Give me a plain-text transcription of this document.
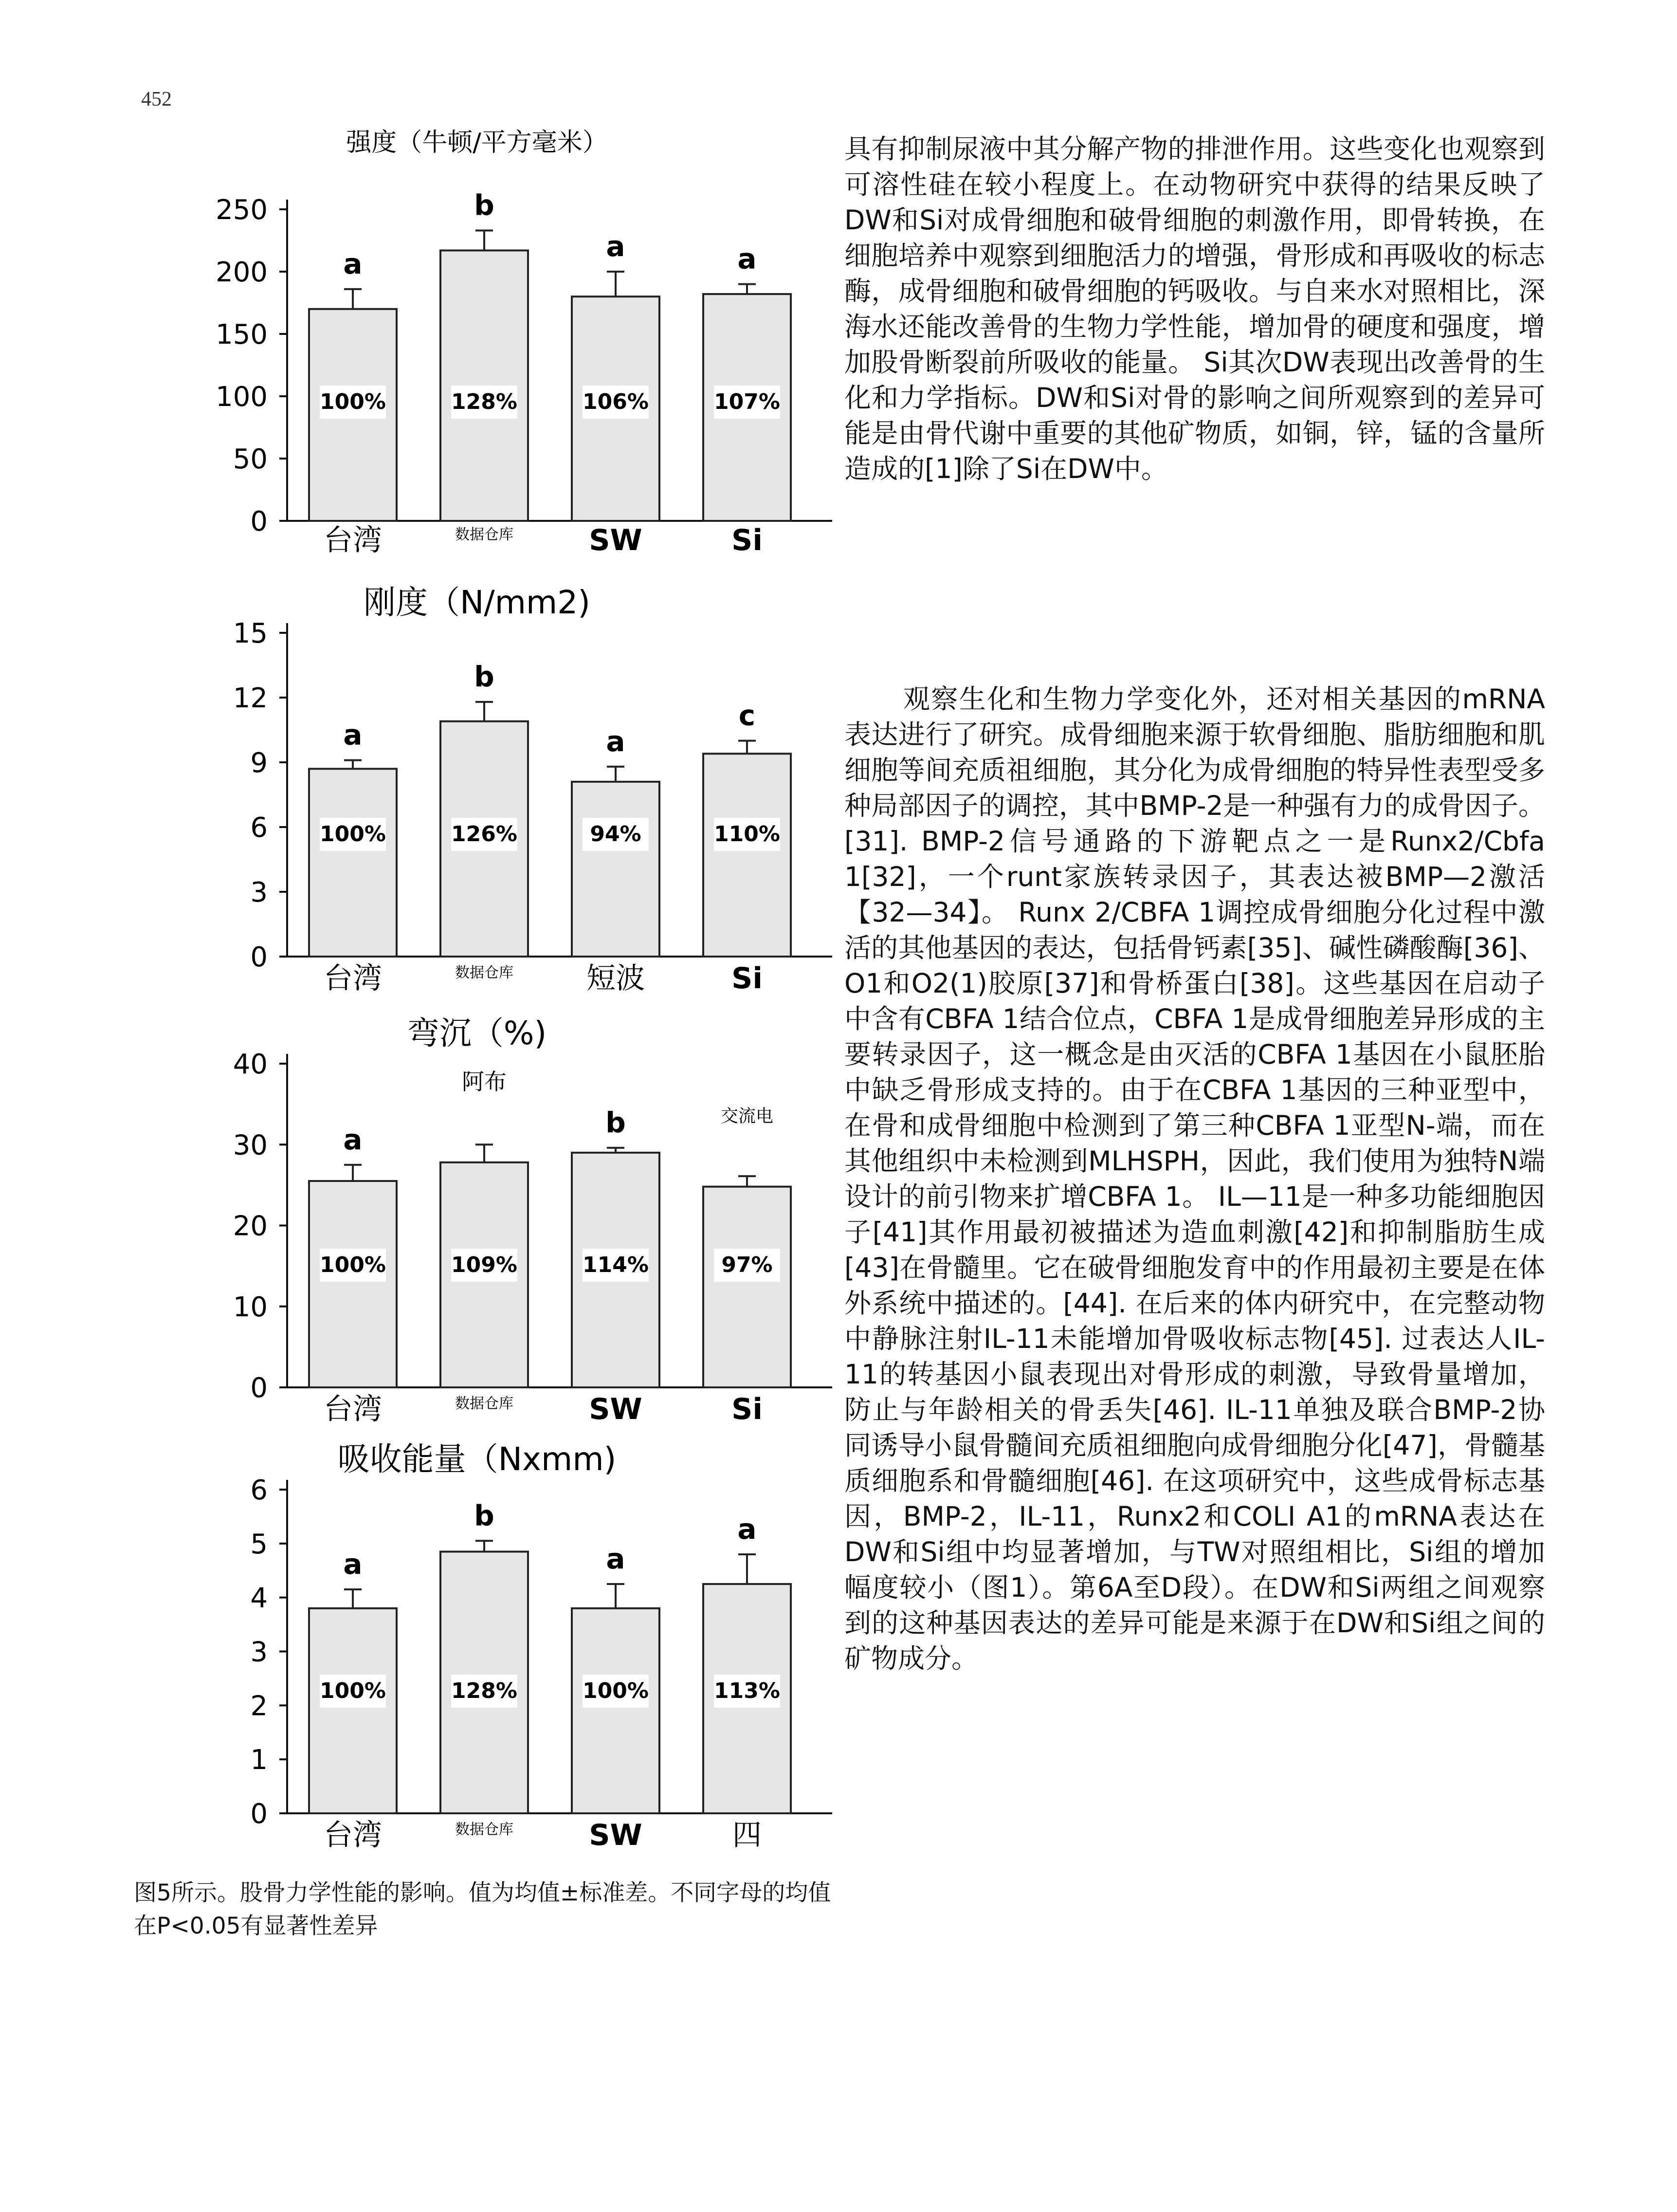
452
强度（牛顿/平方毫米）
0
50
100
150
200
250
a
100%
台湾
b
128%
数据仓库
a
106%
SW
a
107%
Si
刚度（N/mm2)
0
3
6
9
12
15
a
100%
台湾
b
126%
数据仓库
a
94%
短波
c
110%
Si
弯沉（%)
0
10
20
30
40
a
100%
台湾
109%
数据仓库
b
114%
SW
97%
Si
阿布
交流电
吸收能量（Nxmm)
0
1
2
3
4
5
6
a
100%
台湾
b
128%
数据仓库
a
100%
SW
a
113%
四
图5所示。股骨力学性能的影响。值为均值±标准差。不同字母的均值在P<0.05有显著性差异

具有抑制尿液中其分解产物的排泄作用。这些变化也观察到可溶性硅在较小程度上。在动物研究中获得的结果反映了DW和Si对成骨细胞和破骨细胞的刺激作用，即骨转换，在细胞培养中观察到细胞活力的增强，骨形成和再吸收的标志酶，成骨细胞和破骨细胞的钙吸收。与自来水对照相比，深海水还能改善骨的生物力学性能，增加骨的硬度和强度，增加股骨断裂前所吸收的能量。 Si其次DW表现出改善骨的生化和力学指标。DW和Si对骨的影响之间所观察到的差异可能是由骨代谢中重要的其他矿物质，如铜，锌，锰的含量所造成的[1]除了Si在DW中。

观察生化和生物力学变化外，还对相关基因的mRNA表达进行了研究。成骨细胞来源于软骨细胞、脂肪细胞和肌细胞等间充质祖细胞，其分化为成骨细胞的特异性表型受多种局部因子的调控，其中BMP-2是一种强有力的成骨因子。[31]. BMP-2信号通路的下游靶点之一是Runx2/Cbfa 1[32]，一个runt家族转录因子，其表达被BMP—2激活【32—34】。 Runx 2/CBFA 1调控成骨细胞分化过程中激活的其他基因的表达，包括骨钙素[35]、碱性磷酸酶[36]、O1和O2(1)胶原[37]和骨桥蛋白[38]。这些基因在启动子中含有CBFA 1结合位点，CBFA 1是成骨细胞差异形成的主要转录因子，这一概念是由灭活的CBFA 1基因在小鼠胚胎中缺乏骨形成支持的。由于在CBFA 1基因的三种亚型中，在骨和成骨细胞中检测到了第三种CBFA 1亚型N-端，而在其他组织中未检测到MLHSPH，因此，我们使用为独特N端设计的前引物来扩增CBFA 1。 IL—11是一种多功能细胞因子[41]其作用最初被描述为造血刺激[42]和抑制脂肪生成[43]在骨髓里。它在破骨细胞发育中的作用最初主要是在体外系统中描述的。[44]. 在后来的体内研究中，在完整动物中静脉注射IL-11未能增加骨吸收标志物[45]. 过表达人IL-11的转基因小鼠表现出对骨形成的刺激，导致骨量增加，防止与年龄相关的骨丢失[46]. IL-11单独及联合BMP-2协同诱导小鼠骨髓间充质祖细胞向成骨细胞分化[47]，骨髓基质细胞系和骨髓细胞[46]. 在这项研究中，这些成骨标志基因，BMP-2，IL-11，Runx2和COLI A1的mRNA表达在DW和Si组中均显著增加，与TW对照组相比，Si组的增加幅度较小（图1）。第6A至D段）。在DW和Si两组之间观察到的这种基因表达的差异可能是来源于在DW和Si组之间的矿物成分。
